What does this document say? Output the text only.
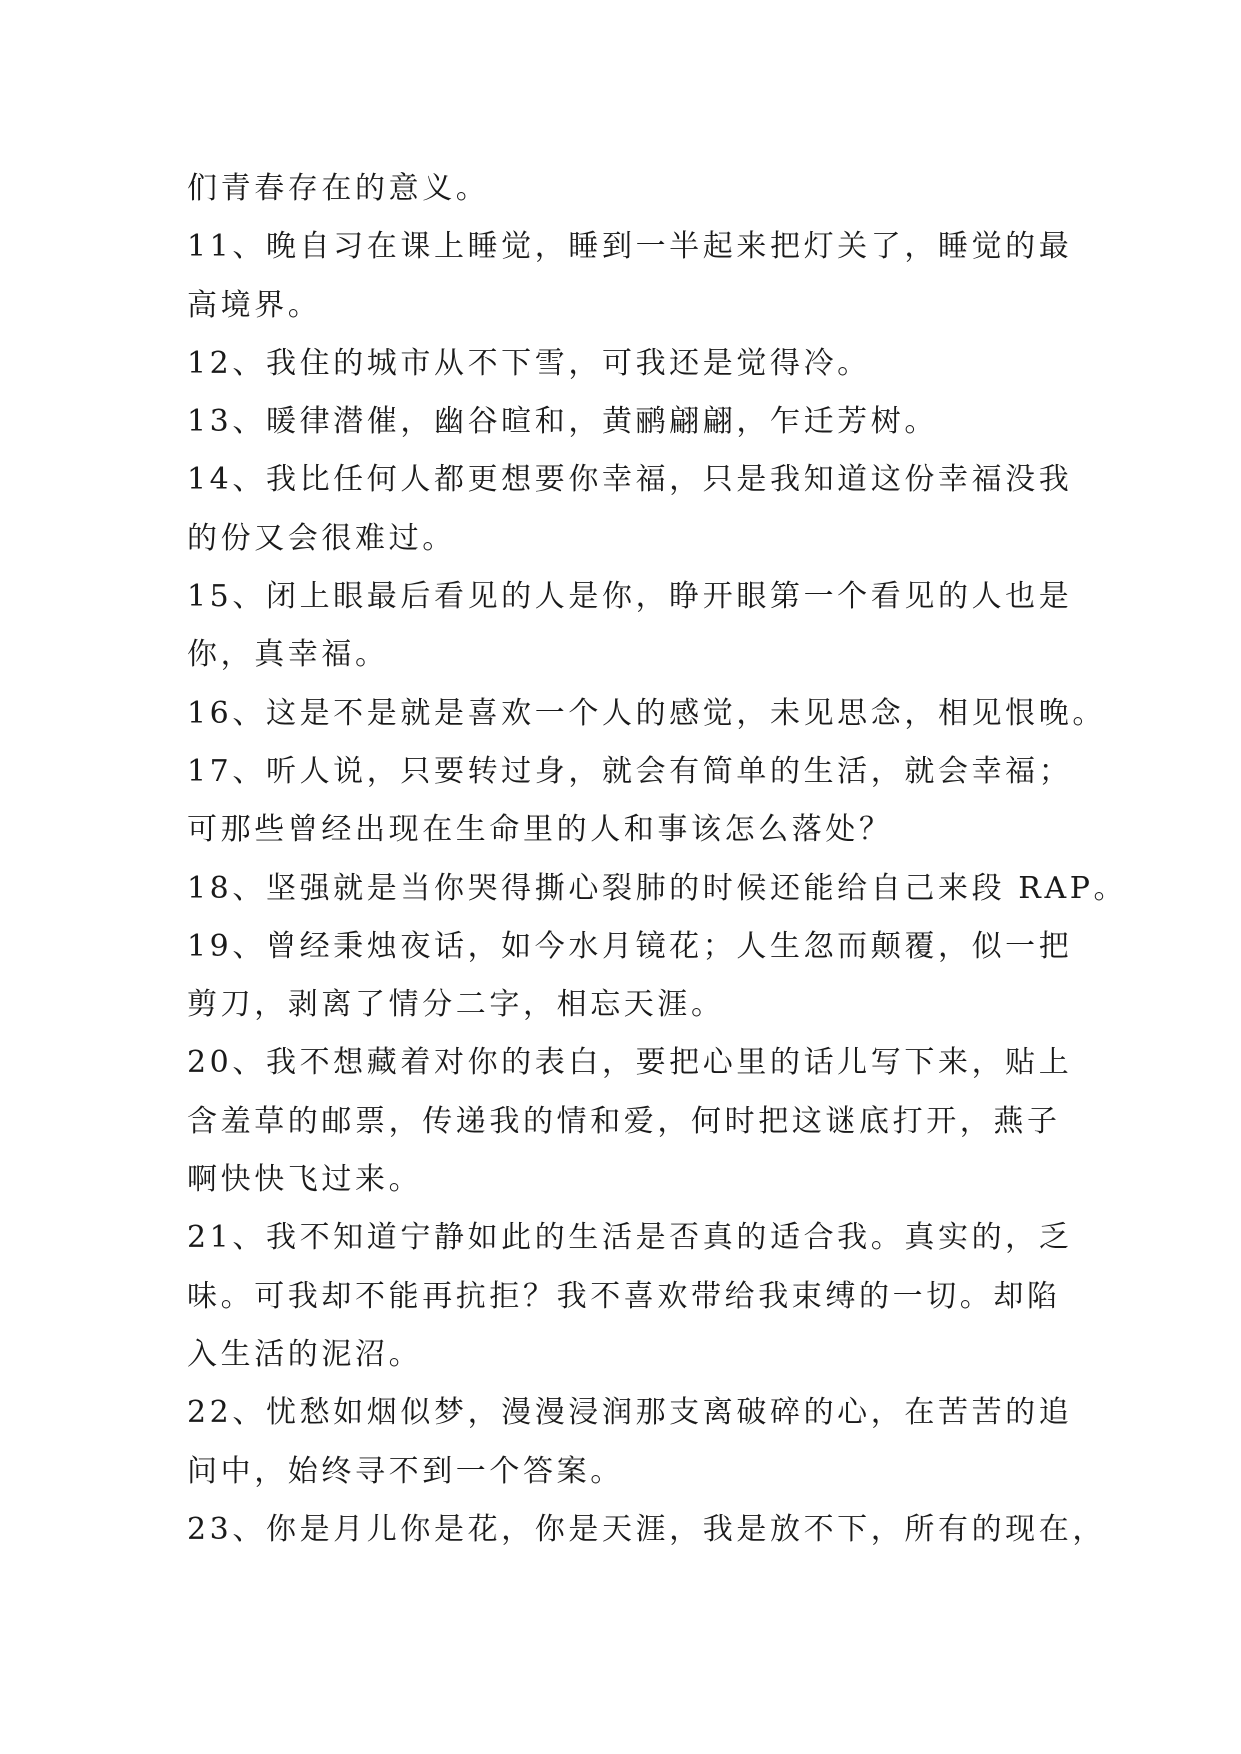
们青春存在的意义。
11、晚自习在课上睡觉，睡到一半起来把灯关了，睡觉的最
高境界。
12、我住的城市从不下雪，可我还是觉得冷。
13、暖律潜催，幽谷暄和，黄鹂翩翩，乍迁芳树。
14、我比任何人都更想要你幸福，只是我知道这份幸福没我
的份又会很难过。
15、闭上眼最后看见的人是你，睁开眼第一个看见的人也是
你，真幸福。
16、这是不是就是喜欢一个人的感觉，未见思念，相见恨晚。
17、听人说，只要转过身，就会有简单的生活，就会幸福；
可那些曾经出现在生命里的人和事该怎么落处？
18、坚强就是当你哭得撕心裂肺的时候还能给自己来段 RAP。
19、曾经秉烛夜话，如今水月镜花；人生忽而颠覆，似一把
剪刀，剥离了情分二字，相忘天涯。
20、我不想藏着对你的表白，要把心里的话儿写下来，贴上
含羞草的邮票，传递我的情和爱，何时把这谜底打开，燕子
啊快快飞过来。
21、我不知道宁静如此的生活是否真的适合我。真实的，乏
味。可我却不能再抗拒？我不喜欢带给我束缚的一切。却陷
入生活的泥沼。
22、忧愁如烟似梦，漫漫浸润那支离破碎的心，在苦苦的追
问中，始终寻不到一个答案。
23、你是月儿你是花，你是天涯，我是放不下，所有的现在，
